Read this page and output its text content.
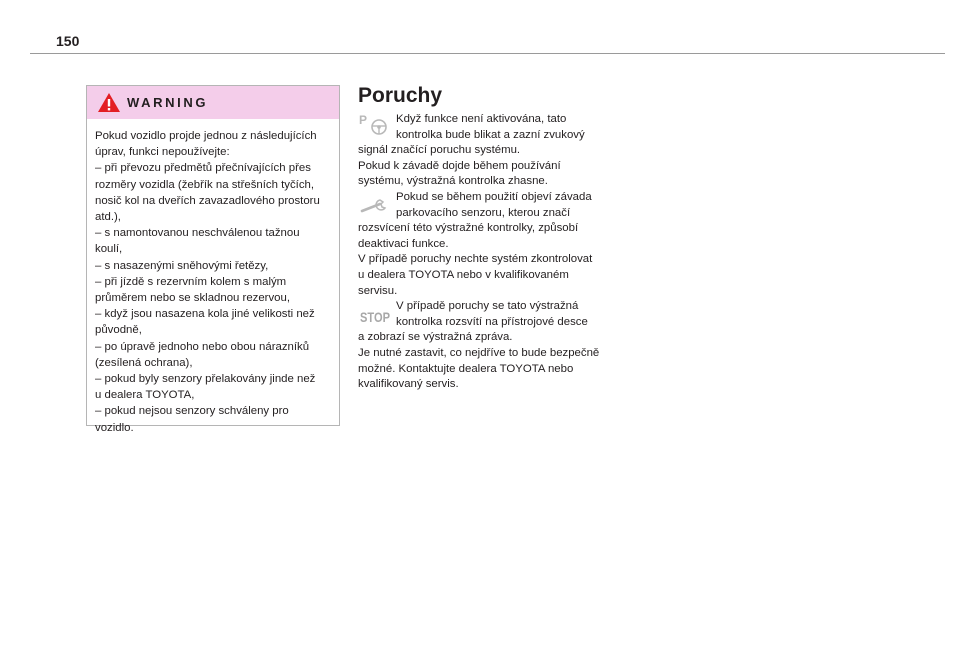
150
WARNING
Pokud vozidlo projde jednou z následujících
úprav, funkci nepoužívejte:
– při převozu předmětů přečnívajících přes
rozměry vozidla (žebřík na střešních tyčích,
nosič kol na dveřích zavazadlového prostoru
atd.),
– s namontovanou neschválenou tažnou
koulí,
– s nasazenými sněhovými řetězy,
– při jízdě s rezervním kolem s malým
průměrem nebo se skladnou rezervou,
– když jsou nasazena kola jiné velikosti než
původně,
– po úpravě jednoho nebo obou nárazníků
(zesílená ochrana),
– pokud byly senzory přelakovány jinde než
u dealera TOYOTA,
– pokud nejsou senzory schváleny pro
vozidlo.
Poruchy
P	Když funkce není aktivována, tato
kontrolka bude blikat a zazní zvukový
signál značící poruchu systému.
Pokud k závadě dojde během používání
systému, výstražná kontrolka zhasne.
Pokud se během použití objeví závada
parkovacího senzoru, kterou značí
rozsvícení této výstražné kontrolky, způsobí
deaktivaci funkce.
V případě poruchy nechte systém zkontrolovat
u dealera TOYOTA nebo v kvalifikovaném
servisu.
STOP
V případě poruchy se tato výstražná
kontrolka rozsvítí na přístrojové desce
a zobrazí se výstražná zpráva.
Je nutné zastavit, co nejdříve to bude bezpečně
možné. Kontaktujte dealera TOYOTA nebo
kvalifikovaný servis.
